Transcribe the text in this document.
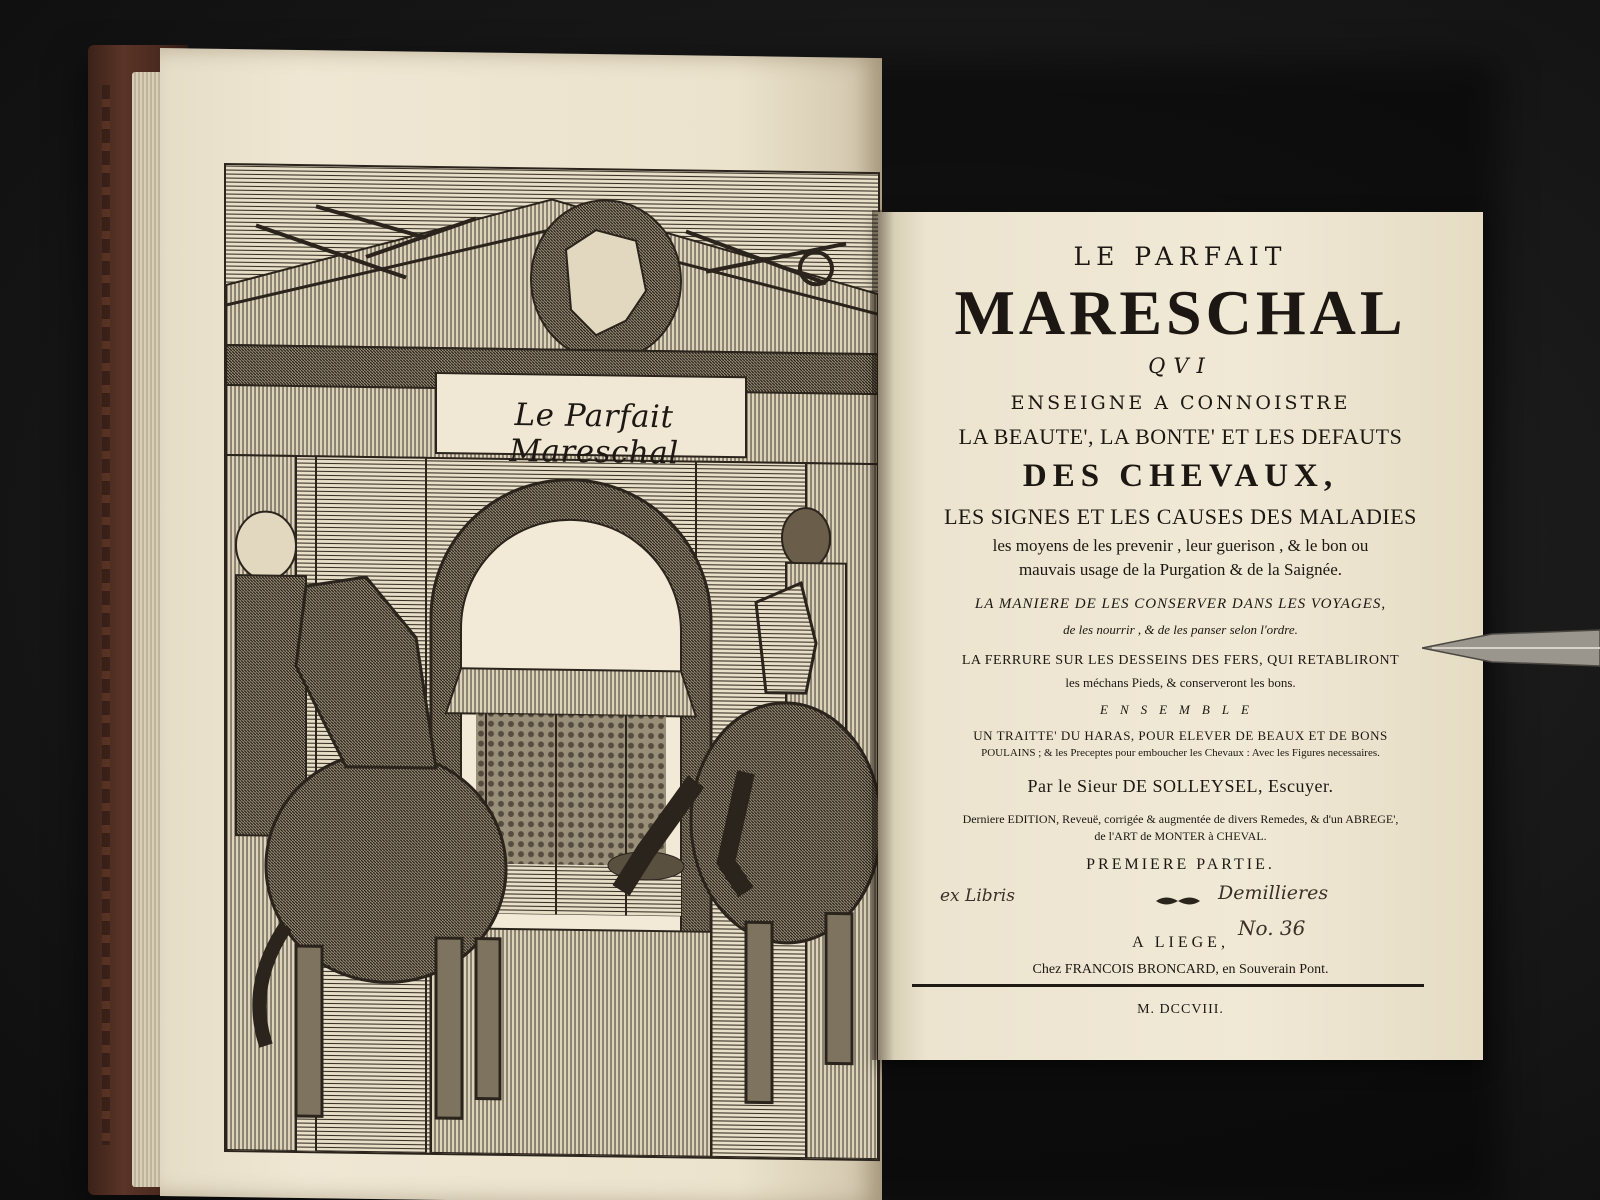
Le Parfait Mareschal
LE PARFAIT
MARESCHAL
QVI
ENSEIGNE A CONNOISTRE
LA BEAUTE', LA BONTE' ET LES DEFAUTS
DES CHEVAUX,
LES SIGNES ET LES CAUSES DES MALADIES
les moyens de les prevenir , leur guerison , & le bon ou
mauvais usage de la Purgation & de la Saignée.
LA MANIERE DE LES CONSERVER DANS LES VOYAGES,
de les nourrir , & de les panser selon l'ordre.
LA FERRURE SUR LES DESSEINS DES FERS, QUI RETABLIRONT
les méchans Pieds, & conserveront les bons.
ENSEMBLE
UN TRAITTE' DU HARAS, POUR ELEVER DE BEAUX ET DE BONS
POULAINS ; & les Preceptes pour emboucher les Chevaux : Avec les Figures necessaires.
Par le Sieur DE SOLLEYSEL, Escuyer.
Derniere EDITION, Reveuë, corrigée & augmentée de divers Remedes, & d'un ABREGE',
de l'ART de MONTER à CHEVAL.
PREMIERE PARTIE.
ex Libris	Demillieres
No. 36
A LIEGE,
Chez FRANCOIS BRONCARD, en Souverain Pont.
M. DCCVIII.
